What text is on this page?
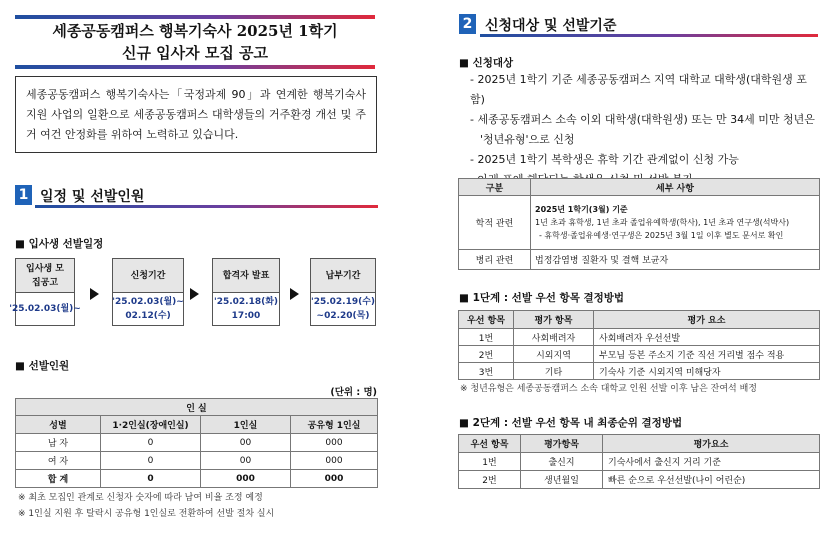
세종공동캠퍼스 행복기숙사 2025년 1학기
신규 입사자 모집 공고
세종공동캠퍼스 행복기숙사는「국정과제 90」과 연계한 행복기숙사 지원 사업의 일환으로 세종공동캠퍼스 대학생들의 거주환경 개선 및 주거 여건 안정화를 위하여 노력하고 있습니다.
1 일정 및 선발인원
■ 입사생 선발일정
입사생 모집공고
'25.02.03(월)~
신청기간
'25.02.03(월)~ 02.12(수)
합격자 발표
'25.02.18(화) 17:00
납부기간
'25.02.19(수) ~02.20(목)
■ 선발인원
(단위 : 명)
인 실			
성별	1·2인실(장애인실)	1인실	공유형 1인실
남 자	0	00	000
여 자	0	00	000
합 계	0	000	000
※ 최초 모집인 관계로 신청자 숫자에 따라 남여 비율 조정 예정
※ 1인실 지원 후 탈락시 공유형 1인실로 전환하여 선발 절차 실시
2 신청대상 및 선발기준
■ 신청대상
- 2025년 1학기 기준 세종공동캠퍼스 지역 대학교 대학생(대학원생 포함)
- 세종공동캠퍼스 소속 이외 대학생(대학원생) 또는 만 34세 미만 청년은
'청년유형'으로 신청
- 2025년 1학기 복학생은 휴학 기간 관계없이 신청 가능
구분	세부 사항
학적 관련	2025년 1학기(3월) 기준
1년 초과 휴학생, 1년 초과 졸업유예학생(학사), 1년 초과 연구생(석박사)
- 휴학생·졸업유예생·연구생은 2025년 3월 1일 이후 별도 문서로 확인

병리 관련	법정감염병 질환자 및 결핵 보균자
■ 1단계 : 선발 우선 항목 결정방법
우선 항목	평가 항목	평가 요소
1번	사회배려자	사회배려자 우선선발
2번	시외지역	부모님 등본 주소지 기준 직선 거리별 점수 적용
3번	기타	기숙사 기준 시외지역 미해당자
※ 청년유형은 세종공동캠퍼스 소속 대학교 인원 선발 이후 남은 잔여석 배정
■ 2단계 : 선발 우선 항목 내 최종순위 결정방법
우선 항목	평가항목	평가요소
1번	출신지	기숙사에서 출신지 거리 기준
2번	생년월일	빠른 순으로 우선선발(나이 어린순)
